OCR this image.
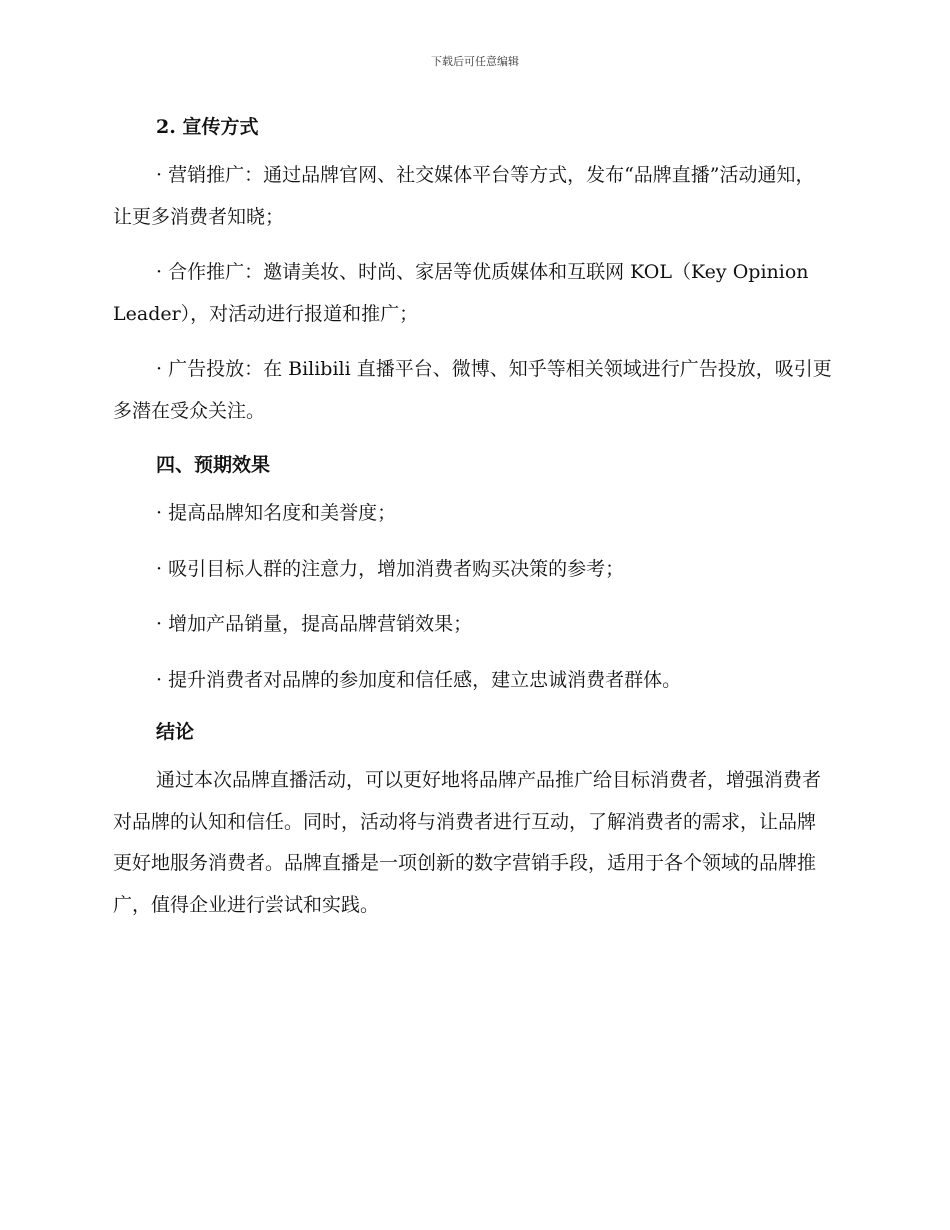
下载后可任意编辑
2. 宣传方式

· 营销推广：通过品牌官网、社交媒体平台等方式，发布“品牌直播”活动通知，让更多消费者知晓；

· 合作推广：邀请美妆、时尚、家居等优质媒体和互联网 KOL（Key Opinion Leader），对活动进行报道和推广；

· 广告投放：在 Bilibili 直播平台、微博、知乎等相关领域进行广告投放，吸引更多潜在受众关注。

四、预期效果

· 提高品牌知名度和美誉度；

· 吸引目标人群的注意力，增加消费者购买决策的参考；

· 增加产品销量，提高品牌营销效果；

· 提升消费者对品牌的参加度和信任感，建立忠诚消费者群体。

结论

通过本次品牌直播活动，可以更好地将品牌产品推广给目标消费者，增强消费者对品牌的认知和信任。同时，活动将与消费者进行互动，了解消费者的需求，让品牌更好地服务消费者。品牌直播是一项创新的数字营销手段，适用于各个领域的品牌推广，值得企业进行尝试和实践。
